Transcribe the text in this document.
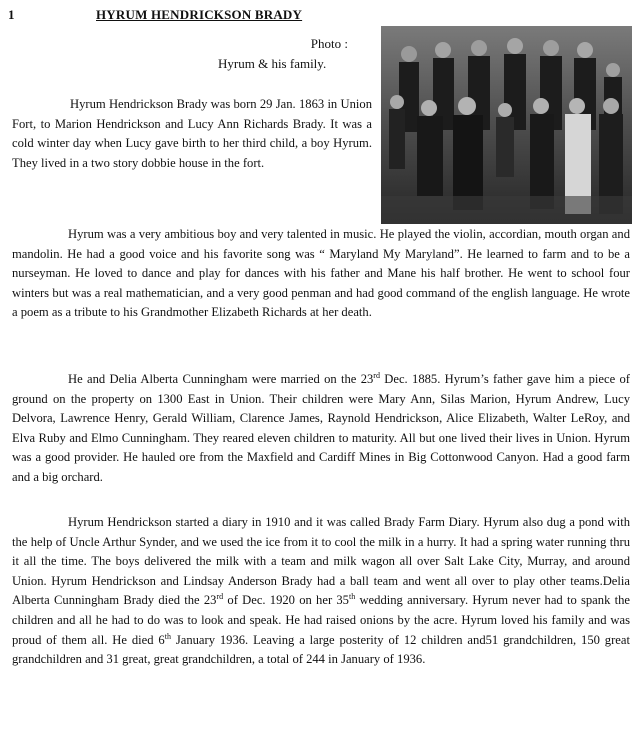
1	HYRUM HENDRICKSON BRADY
Photo :
Hyrum & his family.
Hyrum Hendrickson Brady was born 29 Jan. 1863 in Union Fort, to Marion Hendrickson and Lucy Ann Richards Brady. It was a cold winter day when Lucy gave birth to her third child, a boy Hyrum. They lived in a two story dobbie house in the fort.
Hyrum was a very ambitious boy and very talented in music. He played the violin, accordian, mouth organ and mandolin. He had a good voice and his favorite song was “ Maryland My Maryland”. He learned to farm and to be a nurseyman. He loved to dance and play for dances with his father and Mane his half brother. He went to school four winters but was a real mathematician, and a very good penman and had good command of the english language. He wrote a poem as a tribute to his Grandmother Elizabeth Richards at her death.
He and Delia Alberta Cunningham were married on the 23rd Dec. 1885. Hyrum’s father gave him a piece of ground on the property on 1300 East in Union. Their children were Mary Ann, Silas Marion, Hyrum Andrew, Lucy Delvora, Lawrence Henry, Gerald William, Clarence James, Raynold Hendrickson, Alice Elizabeth, Walter LeRoy, and Elva Ruby and Elmo Cunningham. They reared eleven children to maturity. All but one lived their lives in Union. Hyrum was a good provider. He hauled ore from the Maxfield and Cardiff Mines in Big Cottonwood Canyon. Had a good farm and a big orchard.
Hyrum Hendrickson started a diary in 1910 and it was called Brady Farm Diary. Hyrum also dug a pond with the help of Uncle Arthur Synder, and we used the ice from it to cool the milk in a hurry. It had a spring water running thru it all the time. The boys delivered the milk with a team and milk wagon all over Salt Lake City, Murray, and around Union. Hyrum Hendrickson and Lindsay Anderson Brady had a ball team and went all over to play other teams.Delia Alberta Cunningham Brady died the 23rd of Dec. 1920 on her 35th wedding anniversary. Hyrum never had to spank the children and all he had to do was to look and speak. He had raised onions by the acre. Hyrum loved his family and was proud of them all. He died 6th January 1936. Leaving a large posterity of 12 children and51 grandchildren, 150 great grandchildren and 31 great, great grandchildren, a total of 244 in January of 1936.
